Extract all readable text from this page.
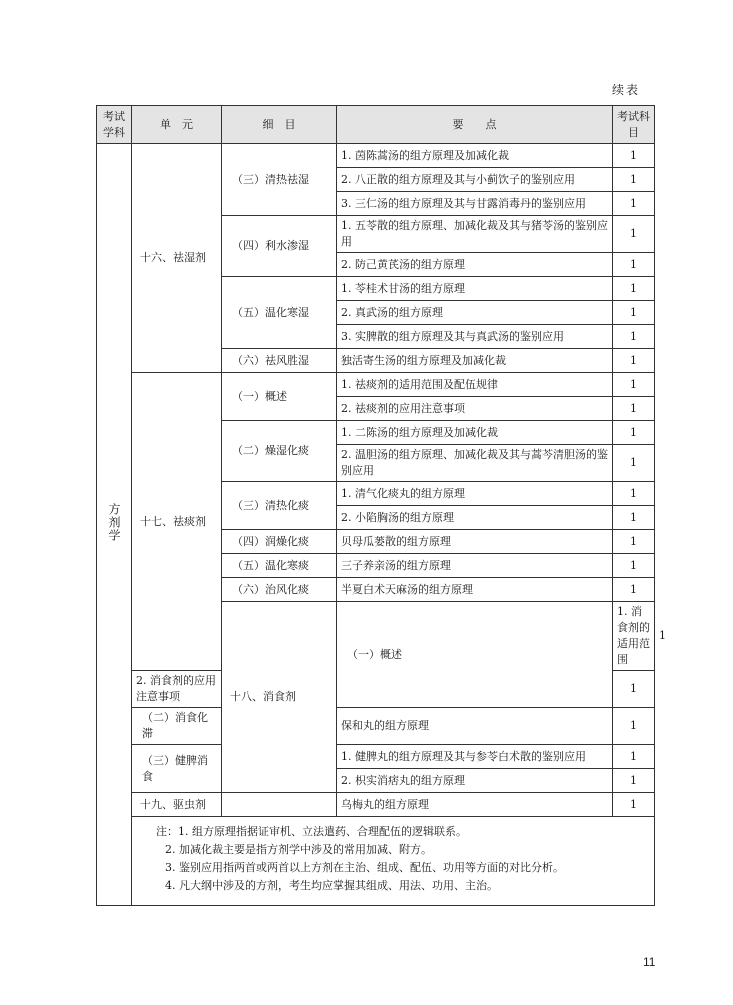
续表
考试学科	单　元	细　目	要　　点	考试科目	
方剂学	十六、祛湿剂	（三）清热祛湿	1. 茵陈蒿汤的组方原理及加减化裁	1	
			2. 八正散的组方原理及其与小蓟饮子的鉴别应用	1	
			3. 三仁汤的组方原理及其与甘露消毒丹的鉴别应用	1	
		（四）利水渗湿	1. 五苓散的组方原理、加减化裁及其与猪苓汤的鉴别应用	1	
			2. 防己黄芪汤的组方原理	1	
		（五）温化寒湿	1. 苓桂术甘汤的组方原理	1	
			2. 真武汤的组方原理	1	
			3. 实脾散的组方原理及其与真武汤的鉴别应用	1	
		（六）祛风胜湿	独活寄生汤的组方原理及加减化裁	1	
	十七、祛痰剂	（一）概述	1. 祛痰剂的适用范围及配伍规律	1	
			2. 祛痰剂的应用注意事项	1	
		（二）燥湿化痰	1. 二陈汤的组方原理及加减化裁	1	
			2. 温胆汤的组方原理、加减化裁及其与蒿芩清胆汤的鉴别应用	1	
		（三）清热化痰	1. 清气化痰丸的组方原理	1	
			2. 小陷胸汤的组方原理	1	
		（四）润燥化痰	贝母瓜蒌散的组方原理	1	
		（五）温化寒痰	三子养亲汤的组方原理	1	
		（六）治风化痰	半夏白术天麻汤的组方原理	1	
		十八、消食剂	（一）概述	1. 消食剂的适用范围	1
	2. 消食剂的应用注意事项			1	
	（二）消食化滞		保和丸的组方原理	1	
	（三）健脾消食		1. 健脾丸的组方原理及其与参苓白术散的鉴别应用	1	
			2. 枳实消痞丸的组方原理	1	
	十九、驱虫剂		乌梅丸的组方原理	1	

	注：1. 组方原理指据证审机、立法遣药、合理配伍的逻辑联系。
2. 加减化裁主要是指方剂学中涉及的常用加减、附方。
3. 鉴别应用指两首或两首以上方剂在主治、组成、配伍、功用等方面的对比分析。
4. 凡大纲中涉及的方剂，考生均应掌握其组成、用法、功用、主治。				
11
